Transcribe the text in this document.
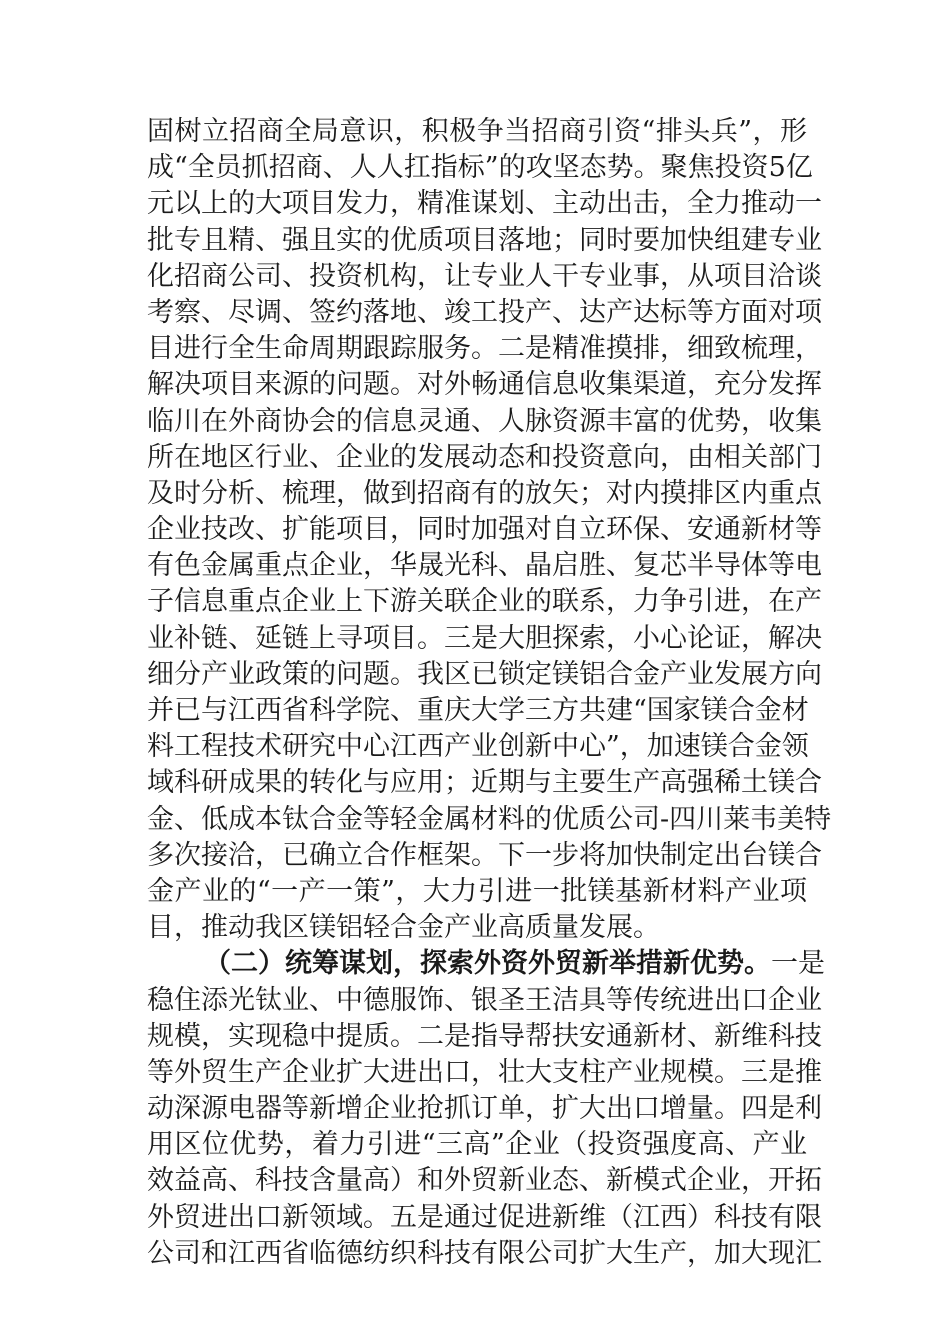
固树立招商全局意识，积极争当招商引资“排头兵”，形
成“全员抓招商、人人扛指标”的攻坚态势。聚焦投资5亿
元以上的大项目发力，精准谋划、主动出击，全力推动一
批专且精、强且实的优质项目落地；同时要加快组建专业
化招商公司、投资机构，让专业人干专业事，从项目洽谈
考察、尽调、签约落地、竣工投产、达产达标等方面对项
目进行全生命周期跟踪服务。二是精准摸排，细致梳理，
解决项目来源的问题。对外畅通信息收集渠道，充分发挥
临川在外商协会的信息灵通、人脉资源丰富的优势，收集
所在地区行业、企业的发展动态和投资意向，由相关部门
及时分析、梳理，做到招商有的放矢；对内摸排区内重点
企业技改、扩能项目，同时加强对自立环保、安通新材等
有色金属重点企业，华晟光科、晶启胜、复芯半导体等电
子信息重点企业上下游关联企业的联系，力争引进，在产
业补链、延链上寻项目。三是大胆探索，小心论证，解决
细分产业政策的问题。我区已锁定镁铝合金产业发展方向
并已与江西省科学院、重庆大学三方共建“国家镁合金材
料工程技术研究中心江西产业创新中心”，加速镁合金领
域科研成果的转化与应用；近期与主要生产高强稀土镁合
金、低成本钛合金等轻金属材料的优质公司-四川莱韦美特
多次接洽，已确立合作框架。下一步将加快制定出台镁合
金产业的“一产一策”，大力引进一批镁基新材料产业项
目，推动我区镁铝轻合金产业高质量发展。
（二）统筹谋划，探索外资外贸新举措新优势。一是
稳住添光钛业、中德服饰、银圣王洁具等传统进出口企业
规模，实现稳中提质。二是指导帮扶安通新材、新维科技
等外贸生产企业扩大进出口，壮大支柱产业规模。三是推
动深源电器等新增企业抢抓订单，扩大出口增量。四是利
用区位优势，着力引进“三高”企业（投资强度高、产业
效益高、科技含量高）和外贸新业态、新模式企业，开拓
外贸进出口新领域。五是通过促进新维（江西）科技有限
公司和江西省临德纺织科技有限公司扩大生产，加大现汇
